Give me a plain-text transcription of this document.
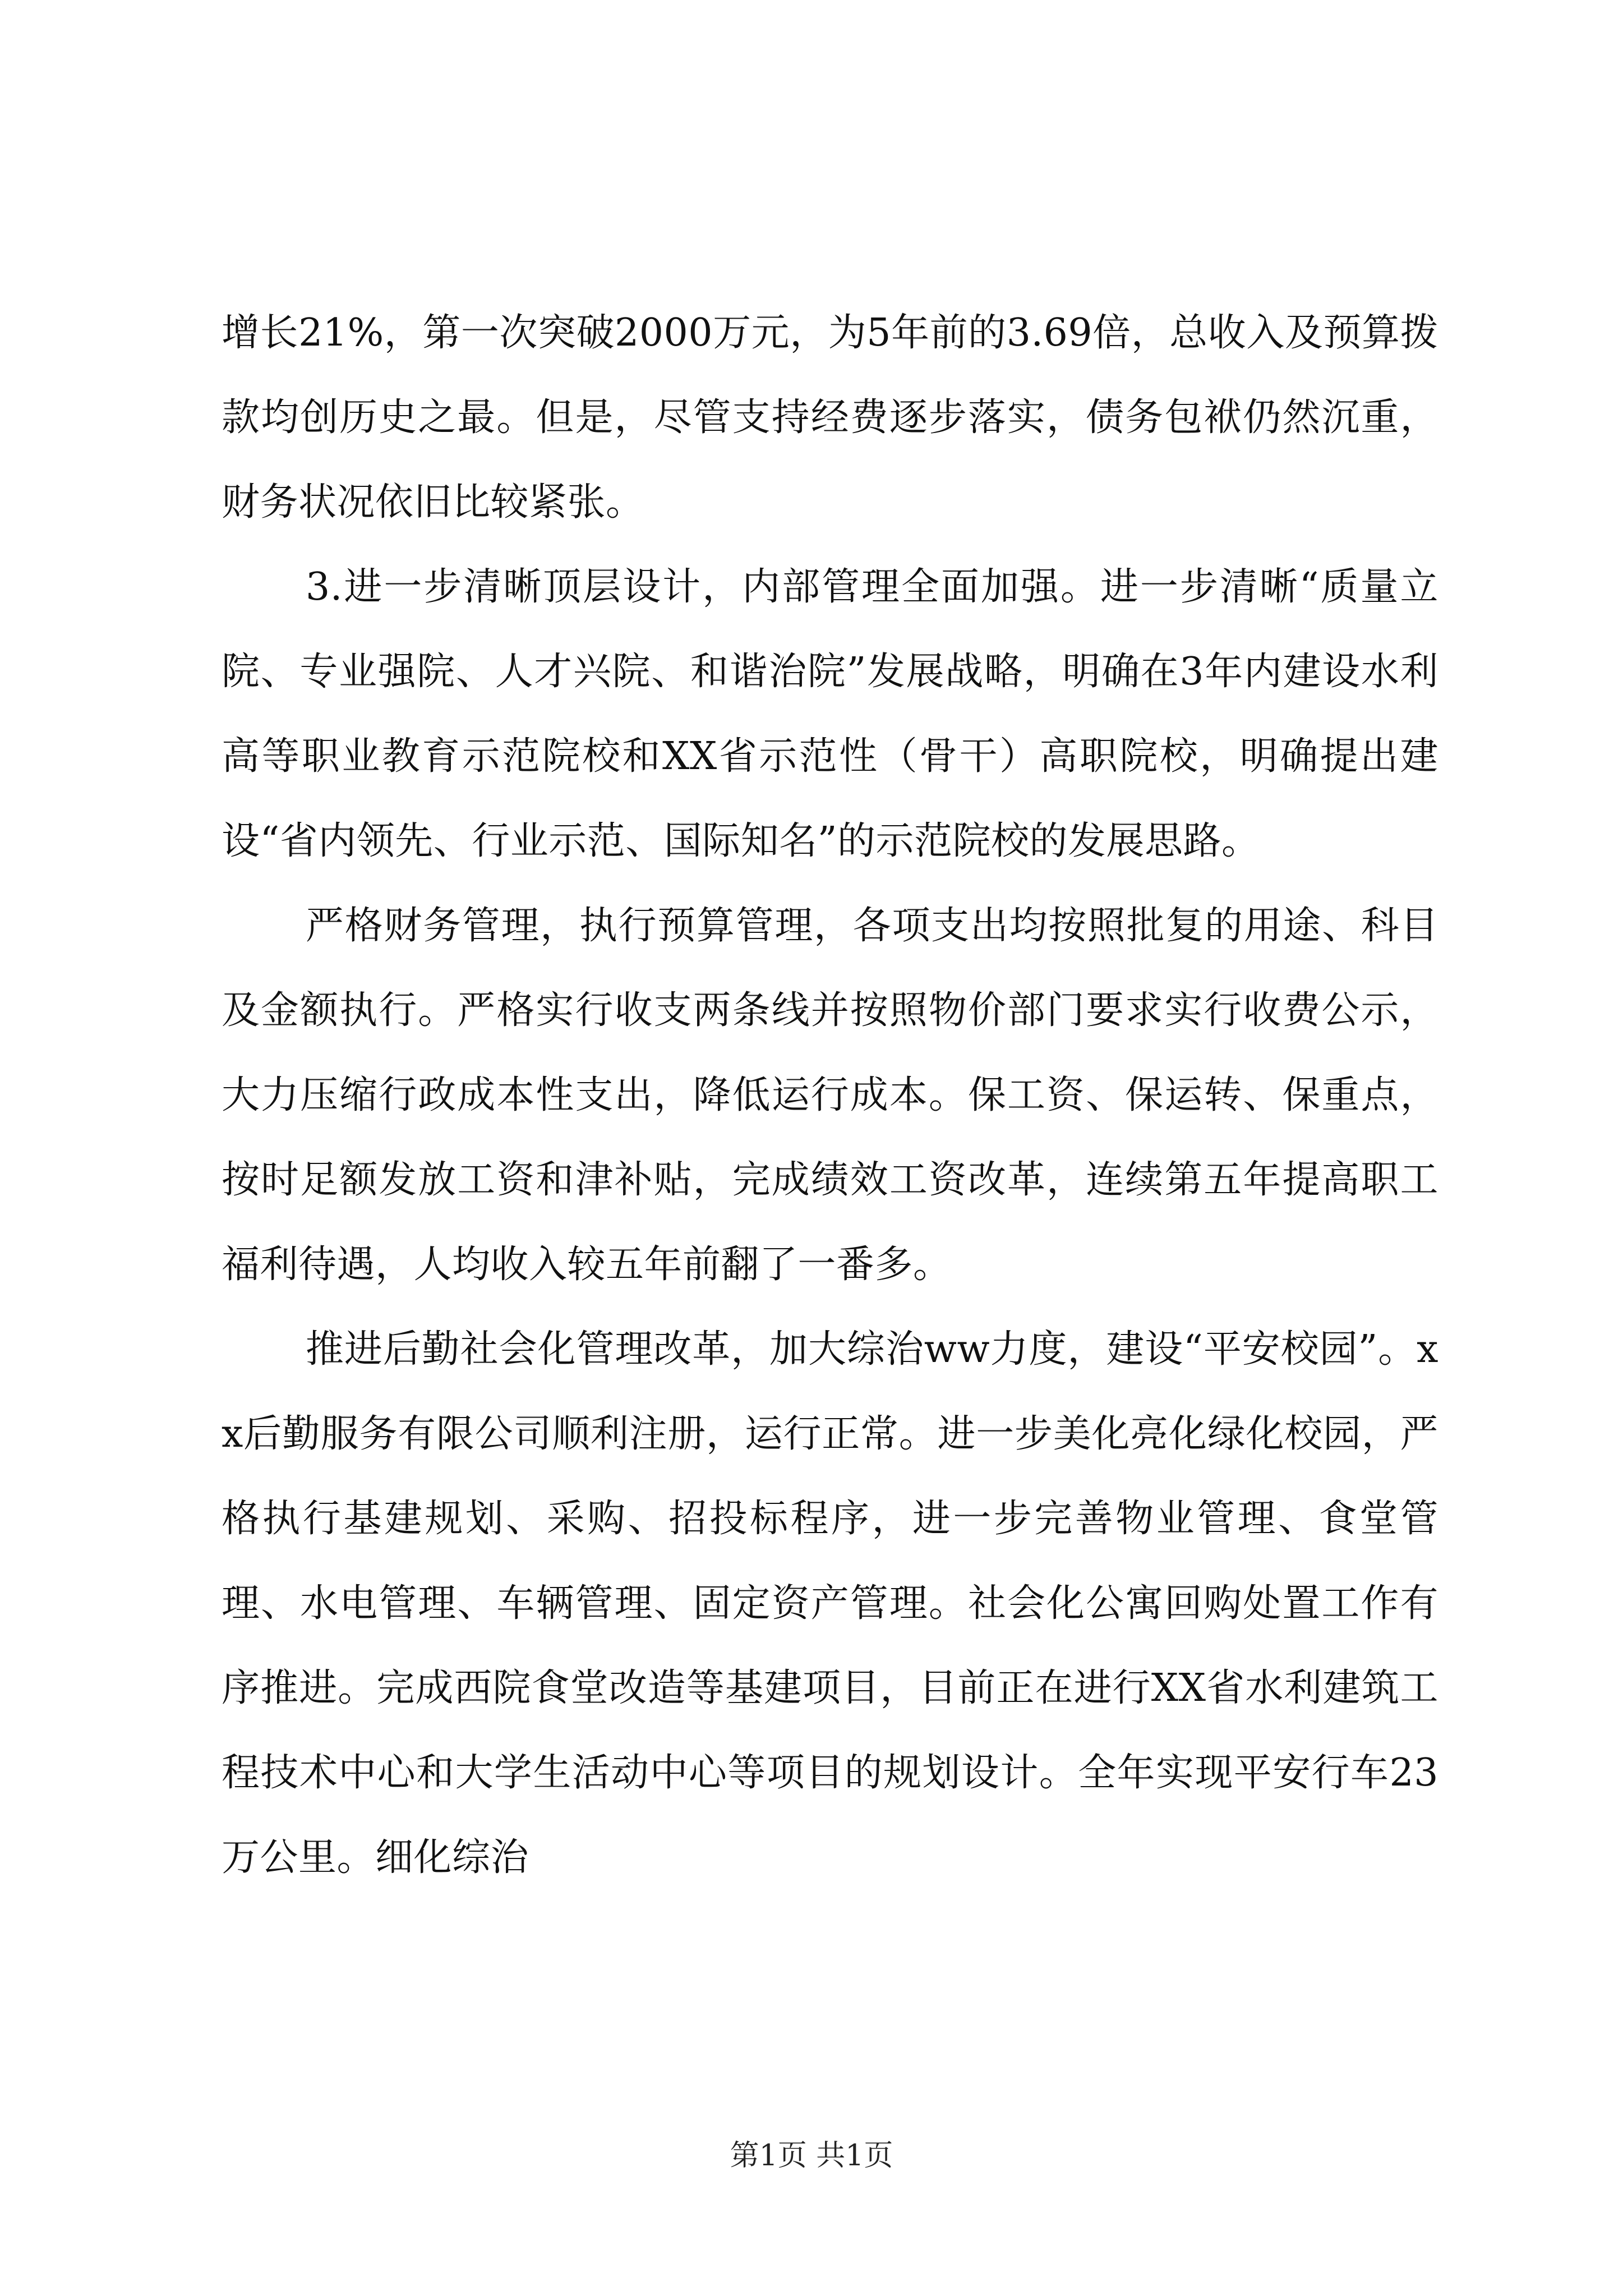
增长21%，第一次突破2000万元，为5年前的3.69倍，总收入及预算拨款均创历史之最。但是，尽管支持经费逐步落实，债务包袱仍然沉重，财务状况依旧比较紧张。

3.进一步清晰顶层设计，内部管理全面加强。进一步清晰“质量立院、专业强院、人才兴院、和谐治院”发展战略，明确在3年内建设水利高等职业教育示范院校和XX省示范性（骨干）高职院校，明确提出建设“省内领先、行业示范、国际知名”的示范院校的发展思路。

严格财务管理，执行预算管理，各项支出均按照批复的用途、科目及金额执行。严格实行收支两条线并按照物价部门要求实行收费公示，大力压缩行政成本性支出，降低运行成本。保工资、保运转、保重点，按时足额发放工资和津补贴，完成绩效工资改革，连续第五年提高职工福利待遇，人均收入较五年前翻了一番多。

推进后勤社会化管理改革，加大综治ww力度，建设“平安校园”。xx后勤服务有限公司顺利注册，运行正常。进一步美化亮化绿化校园，严格执行基建规划、采购、招投标程序，进一步完善物业管理、食堂管理、水电管理、车辆管理、固定资产管理。社会化公寓回购处置工作有序推进。完成西院食堂改造等基建项目，目前正在进行XX省水利建筑工程技术中心和大学生活动中心等项目的规划设计。全年实现平安行车23万公里。细化综治

第1页 共1页
